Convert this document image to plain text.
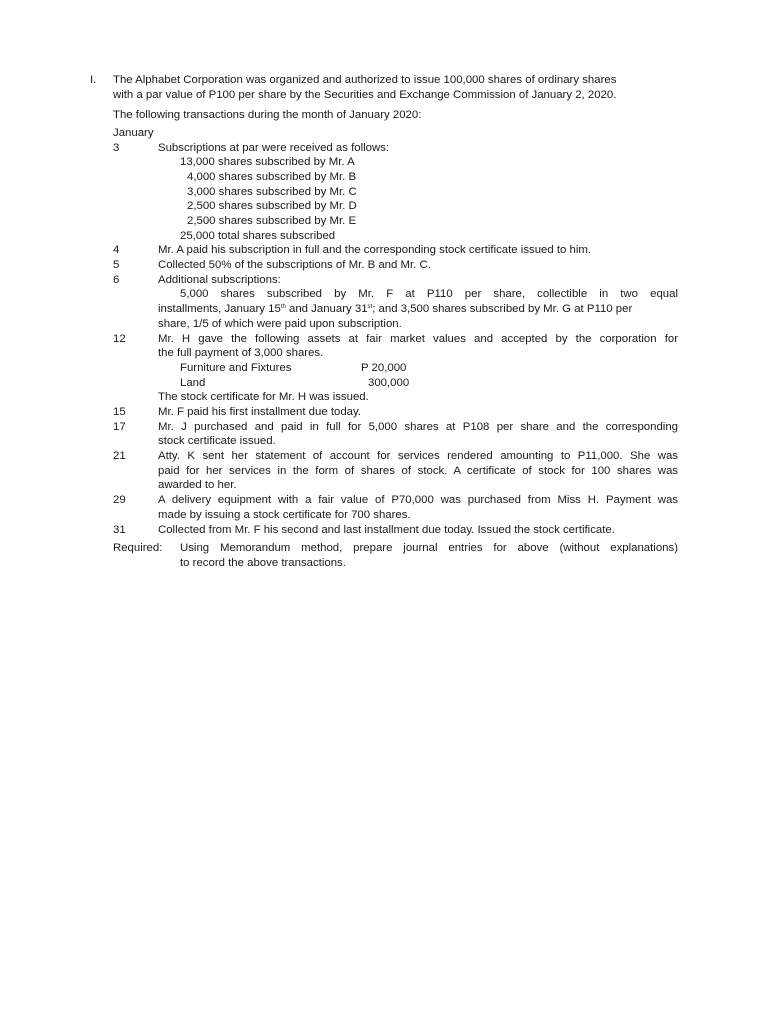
I. The Alphabet Corporation was organized and authorized to issue 100,000 shares of ordinary shares
with a par value of P100 per share by the Securities and Exchange Commission of January 2, 2020.
The following transactions during the month of January 2020:
January
3	Subscriptions at par were received as follows:
13,000 shares subscribed by Mr. A
4,000 shares subscribed by Mr. B
3,000 shares subscribed by Mr. C
2,500 shares subscribed by Mr. D
2,500 shares subscribed by Mr. E
25,000 total shares subscribed
4	Mr. A paid his subscription in full and the corresponding stock certificate issued to him.
5	Collected 50% of the subscriptions of Mr. B and Mr. C.
6	Additional subscriptions:
5,000 shares subscribed by Mr. F at P110 per share, collectible in two equal
installments, January 15th and January 31st; and 3,500 shares subscribed by Mr. G at P110 per
share, 1/5 of which were paid upon subscription.
12	Mr. H gave the following assets at fair market values and accepted by the corporation for
the full payment of 3,000 shares.
Furniture and Fixtures	P 20,000
Land	300,000
The stock certificate for Mr. H was issued.
15	Mr. F paid his first installment due today.
17	Mr. J purchased and paid in full for 5,000 shares at P108 per share and the corresponding
stock certificate issued.
21	Atty. K sent her statement of account for services rendered amounting to P11,000. She was
paid for her services in the form of shares of stock. A certificate of stock for 100 shares was
awarded to her.
29	A delivery equipment with a fair value of P70,000 was purchased from Miss H. Payment was
made by issuing a stock certificate for 700 shares.
31	Collected from Mr. F his second and last installment due today. Issued the stock certificate.
Required: Using Memorandum method, prepare journal entries for above (without explanations)
to record the above transactions.
